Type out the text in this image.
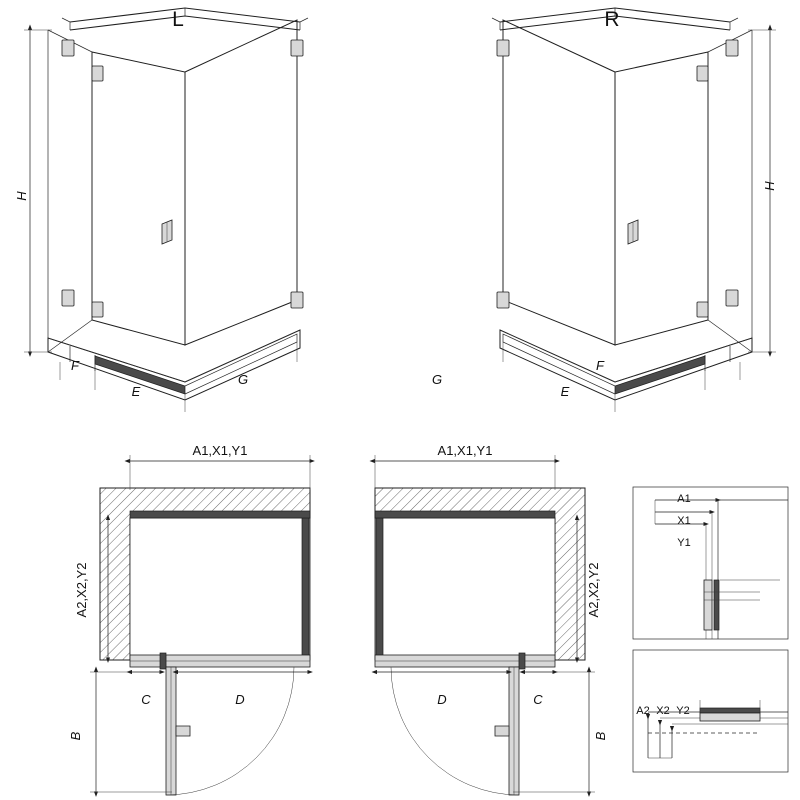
L	R
H
H
F
E
G	G
E
F
A1,X1,Y1	A1,X1,Y1
A2,X2,Y2	A2,X2,Y2
C	D	D	C
B	B
A1
X1
Y1
A2 X2 Y2
